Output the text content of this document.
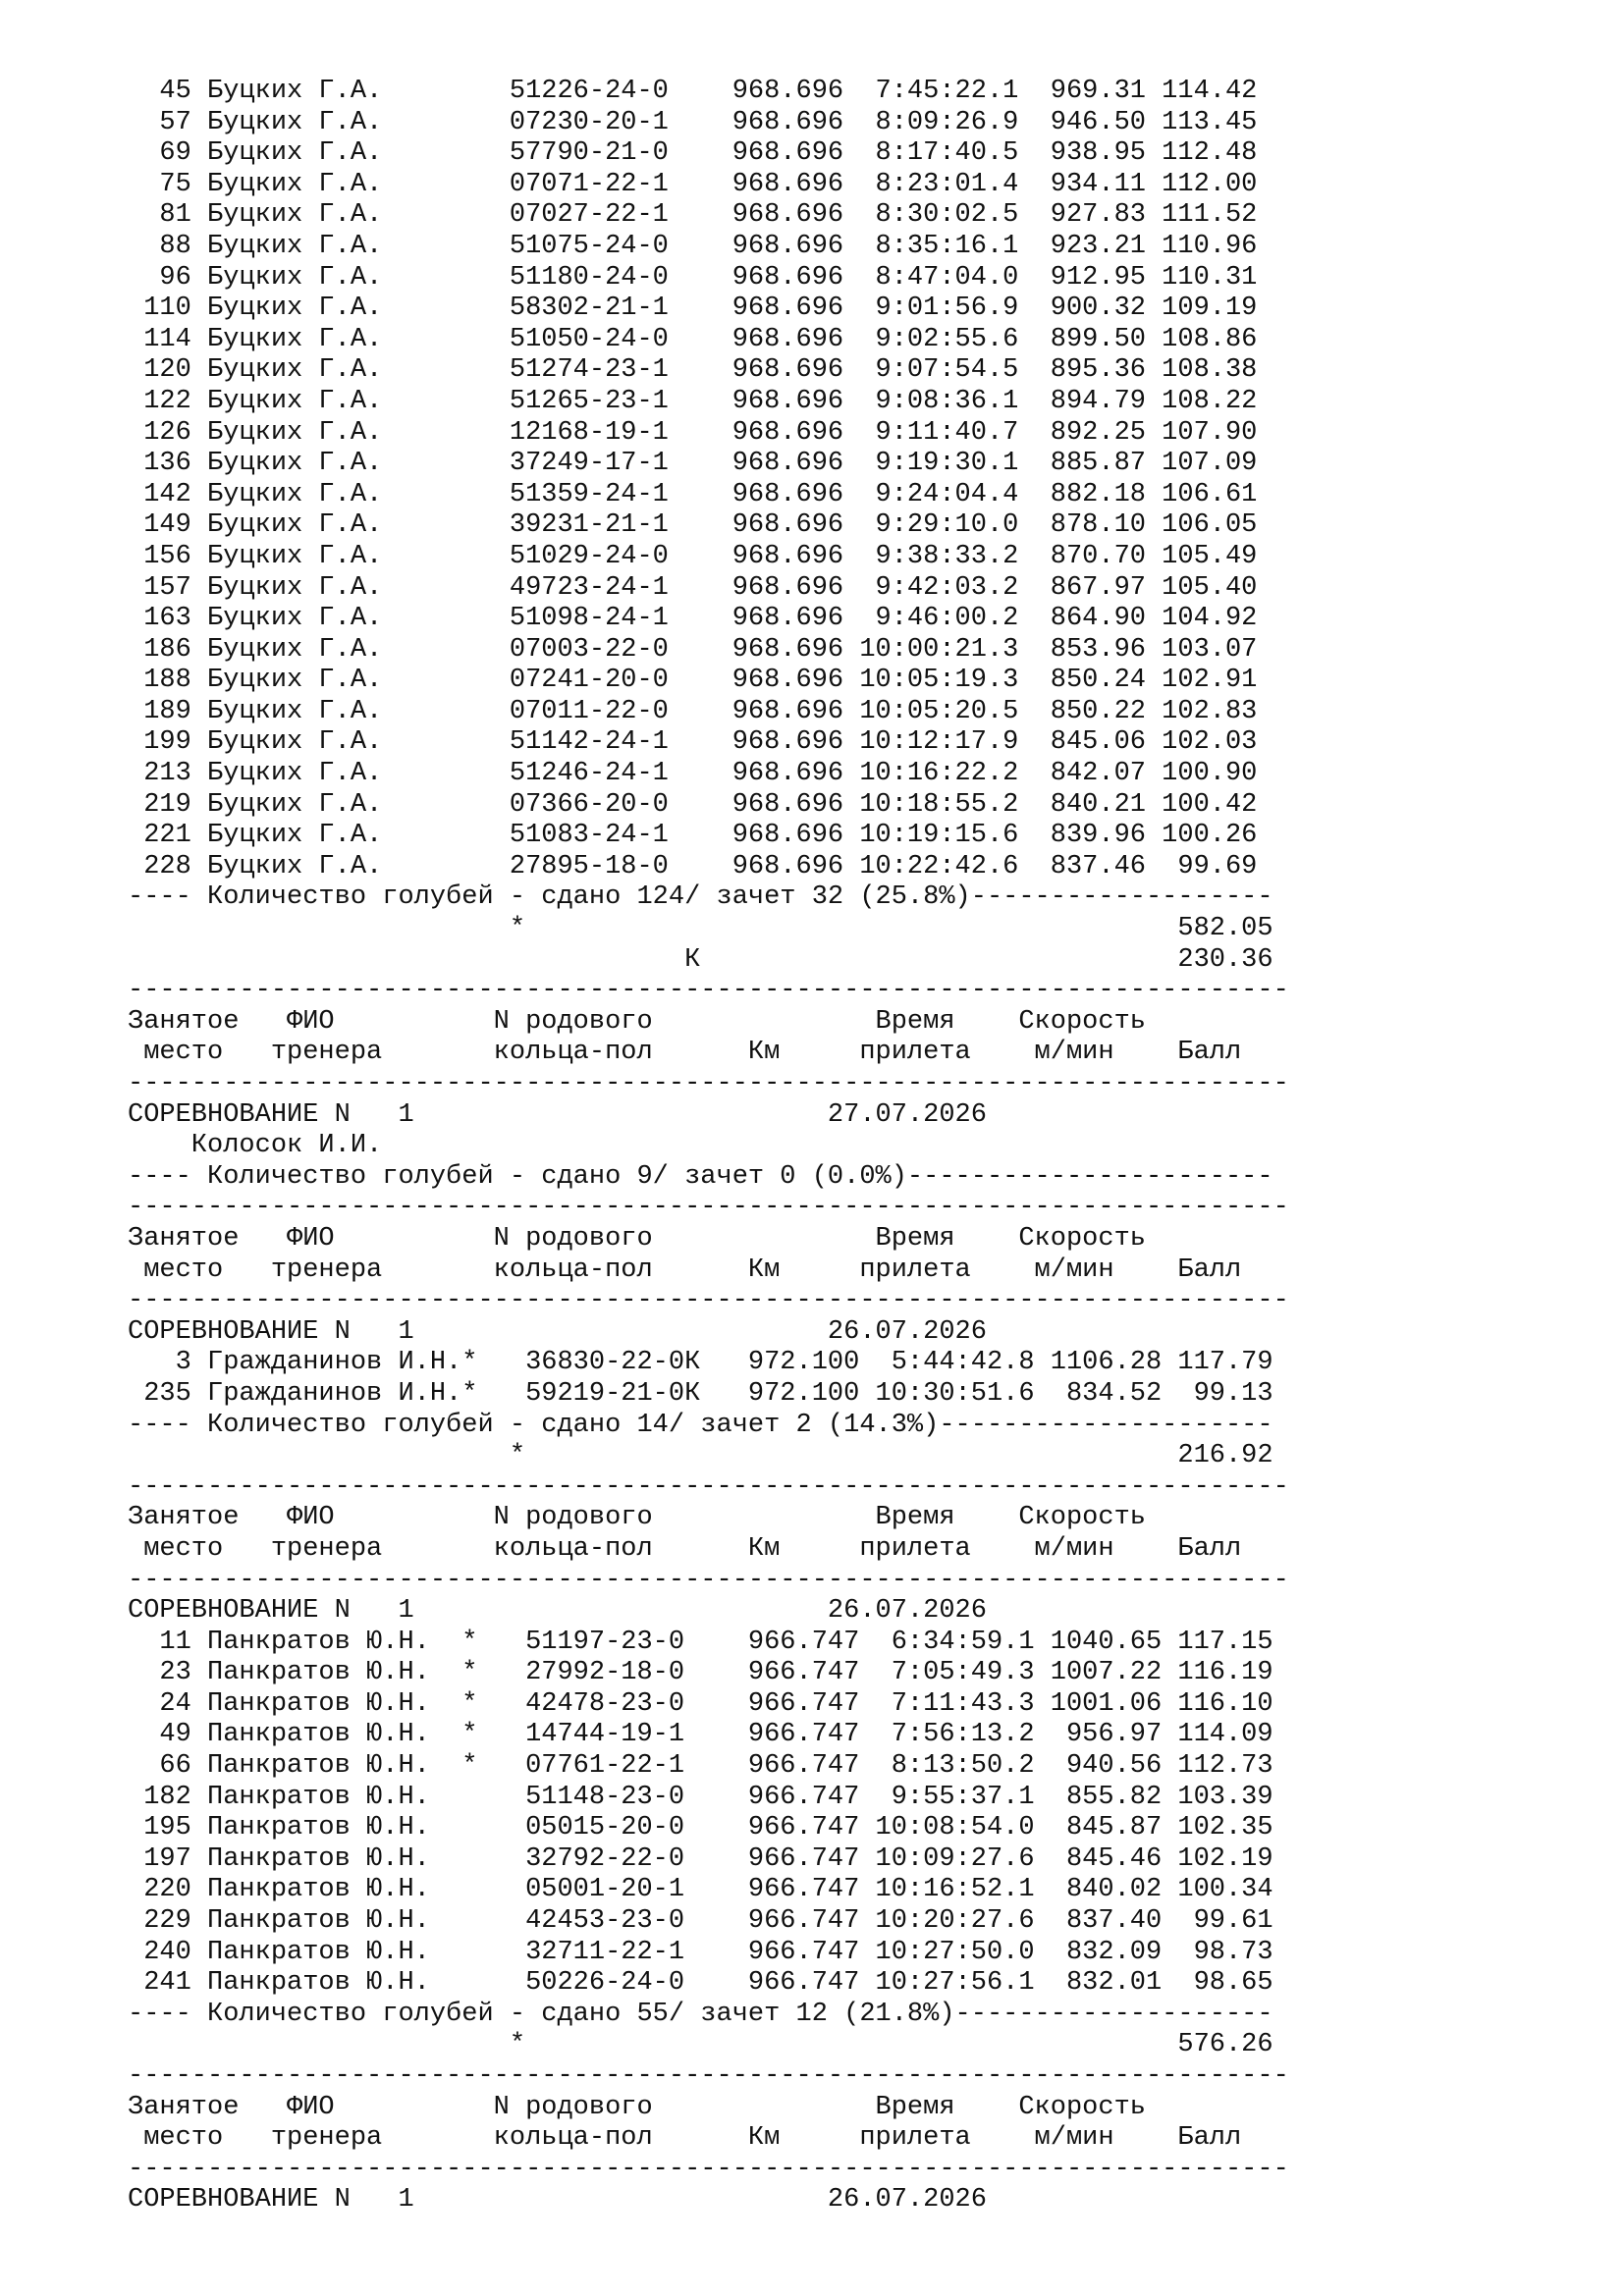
45 Буцких Г.А.        51226-24-0    968.696  7:45:22.1  969.31 114.42
57 Буцких Г.А.        07230-20-1    968.696  8:09:26.9  946.50 113.45
69 Буцких Г.А.        57790-21-0    968.696  8:17:40.5  938.95 112.48
75 Буцких Г.А.        07071-22-1    968.696  8:23:01.4  934.11 112.00
81 Буцких Г.А.        07027-22-1    968.696  8:30:02.5  927.83 111.52
88 Буцких Г.А.        51075-24-0    968.696  8:35:16.1  923.21 110.96
96 Буцких Г.А.        51180-24-0    968.696  8:47:04.0  912.95 110.31
110 Буцких Г.А.        58302-21-1    968.696  9:01:56.9  900.32 109.19
114 Буцких Г.А.        51050-24-0    968.696  9:02:55.6  899.50 108.86
120 Буцких Г.А.        51274-23-1    968.696  9:07:54.5  895.36 108.38
122 Буцких Г.А.        51265-23-1    968.696  9:08:36.1  894.79 108.22
126 Буцких Г.А.        12168-19-1    968.696  9:11:40.7  892.25 107.90
136 Буцких Г.А.        37249-17-1    968.696  9:19:30.1  885.87 107.09
142 Буцких Г.А.        51359-24-1    968.696  9:24:04.4  882.18 106.61
149 Буцких Г.А.        39231-21-1    968.696  9:29:10.0  878.10 106.05
156 Буцких Г.А.        51029-24-0    968.696  9:38:33.2  870.70 105.49
157 Буцких Г.А.        49723-24-1    968.696  9:42:03.2  867.97 105.40
163 Буцких Г.А.        51098-24-1    968.696  9:46:00.2  864.90 104.92
186 Буцких Г.А.        07003-22-0    968.696 10:00:21.3  853.96 103.07
188 Буцких Г.А.        07241-20-0    968.696 10:05:19.3  850.24 102.91
189 Буцких Г.А.        07011-22-0    968.696 10:05:20.5  850.22 102.83
199 Буцких Г.А.        51142-24-1    968.696 10:12:17.9  845.06 102.03
213 Буцких Г.А.        51246-24-1    968.696 10:16:22.2  842.07 100.90
219 Буцких Г.А.        07366-20-0    968.696 10:18:55.2  840.21 100.42
221 Буцких Г.А.        51083-24-1    968.696 10:19:15.6  839.96 100.26
228 Буцких Г.А.        27895-18-0    968.696 10:22:42.6  837.46  99.69
---- Количество голубей - сдано 124/ зачет 32 (25.8%)-------------------
*                                         582.05
К                              230.36
-------------------------------------------------------------------------
Занятое   ФИО          N родового              Время    Скорость
место   тренера       кольца-пол      Км     прилета    м/мин    Балл
-------------------------------------------------------------------------
СОРЕВНОВАНИЕ N   1                          27.07.2026
Колосок И.И.
---- Количество голубей - сдано 9/ зачет 0 (0.0%)-----------------------
-------------------------------------------------------------------------
Занятое   ФИО          N родового              Время    Скорость
место   тренера       кольца-пол      Км     прилета    м/мин    Балл
-------------------------------------------------------------------------
СОРЕВНОВАНИЕ N   1                          26.07.2026
3 Гражданинов И.Н.*   36830-22-0К   972.100  5:44:42.8 1106.28 117.79
235 Гражданинов И.Н.*   59219-21-0К   972.100 10:30:51.6  834.52  99.13
---- Количество голубей - сдано 14/ зачет 2 (14.3%)---------------------
*                                         216.92
-------------------------------------------------------------------------
Занятое   ФИО          N родового              Время    Скорость
место   тренера       кольца-пол      Км     прилета    м/мин    Балл
-------------------------------------------------------------------------
СОРЕВНОВАНИЕ N   1                          26.07.2026
11 Панкратов Ю.Н.  *   51197-23-0    966.747  6:34:59.1 1040.65 117.15
23 Панкратов Ю.Н.  *   27992-18-0    966.747  7:05:49.3 1007.22 116.19
24 Панкратов Ю.Н.  *   42478-23-0    966.747  7:11:43.3 1001.06 116.10
49 Панкратов Ю.Н.  *   14744-19-1    966.747  7:56:13.2  956.97 114.09
66 Панкратов Ю.Н.  *   07761-22-1    966.747  8:13:50.2  940.56 112.73
182 Панкратов Ю.Н.      51148-23-0    966.747  9:55:37.1  855.82 103.39
195 Панкратов Ю.Н.      05015-20-0    966.747 10:08:54.0  845.87 102.35
197 Панкратов Ю.Н.      32792-22-0    966.747 10:09:27.6  845.46 102.19
220 Панкратов Ю.Н.      05001-20-1    966.747 10:16:52.1  840.02 100.34
229 Панкратов Ю.Н.      42453-23-0    966.747 10:20:27.6  837.40  99.61
240 Панкратов Ю.Н.      32711-22-1    966.747 10:27:50.0  832.09  98.73
241 Панкратов Ю.Н.      50226-24-0    966.747 10:27:56.1  832.01  98.65
---- Количество голубей - сдано 55/ зачет 12 (21.8%)--------------------
*                                         576.26
-------------------------------------------------------------------------
Занятое   ФИО          N родового              Время    Скорость
место   тренера       кольца-пол      Км     прилета    м/мин    Балл
-------------------------------------------------------------------------
СОРЕВНОВАНИЕ N   1                          26.07.2026
